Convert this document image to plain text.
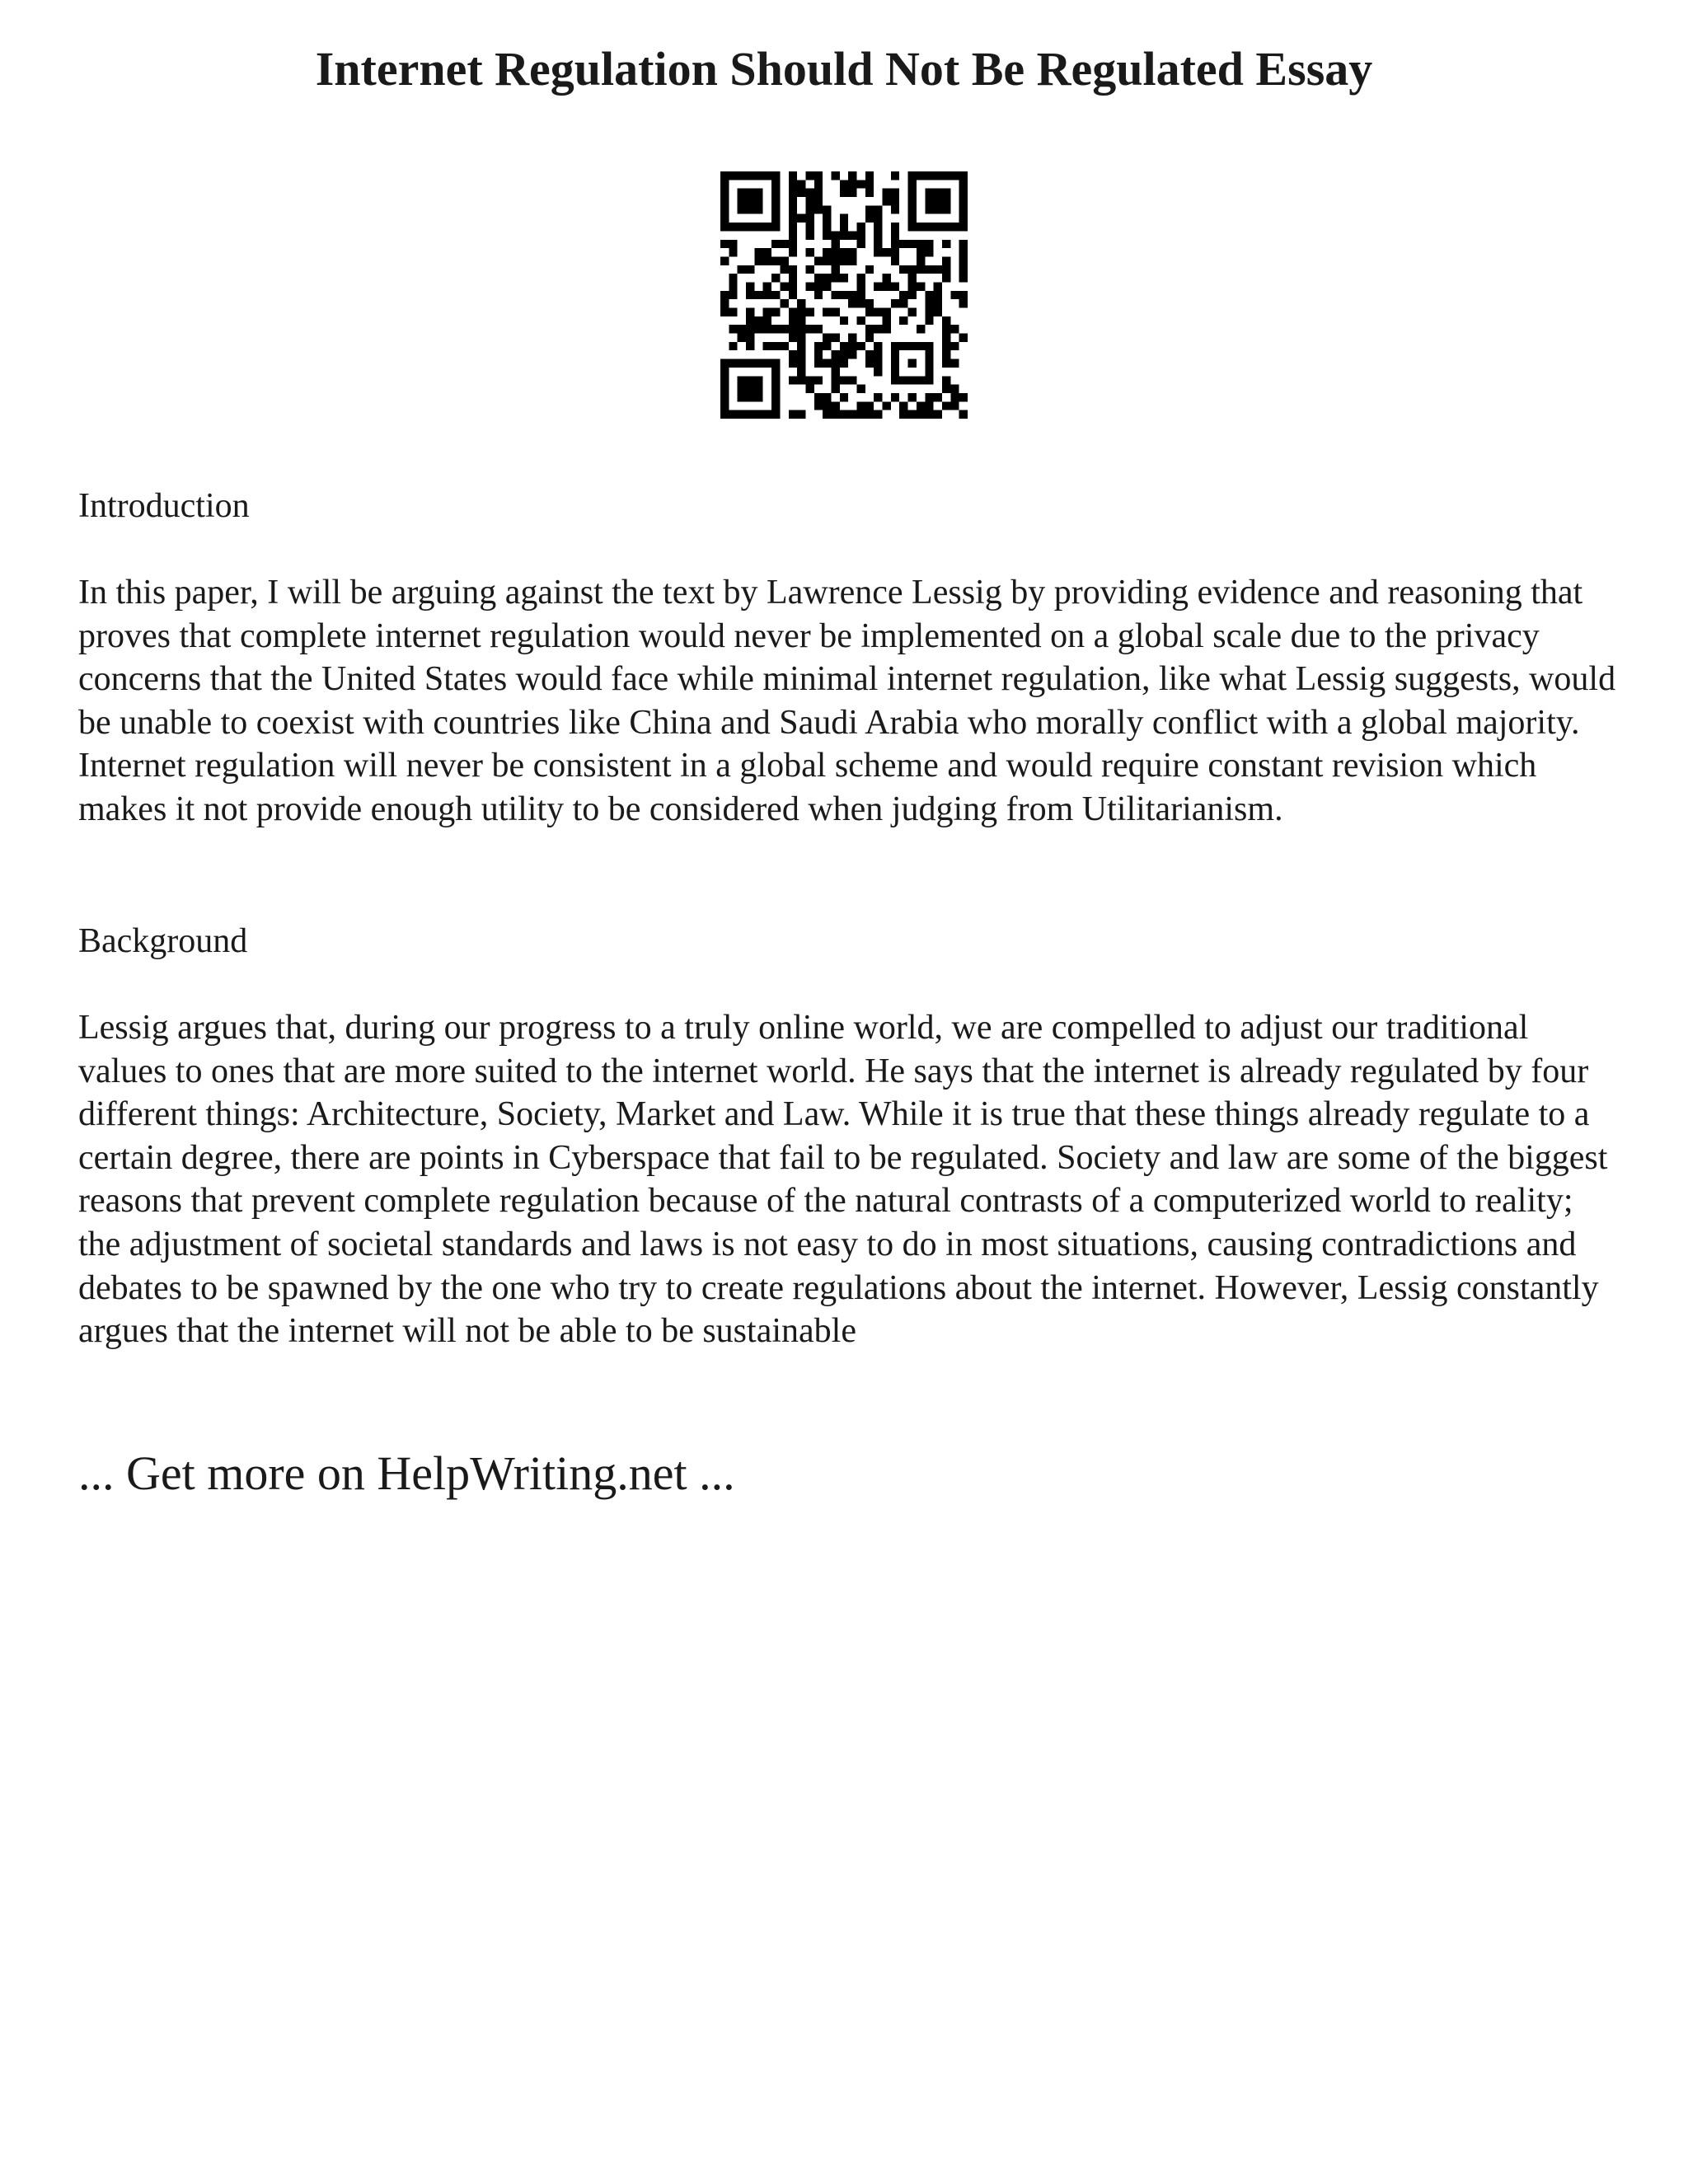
Internet Regulation Should Not Be Regulated Essay
Introduction

In this paper, I will be arguing against the text by Lawrence Lessig by providing evidence and reasoning that proves that complete internet regulation would never be implemented on a global scale due to the privacy concerns that the United States would face while minimal internet regulation, like what Lessig suggests, would be unable to coexist with countries like China and Saudi Arabia who morally conflict with a global majority. Internet regulation will never be consistent in a global scheme and would require constant revision which makes it not provide enough utility to be considered when judging from Utilitarianism.

Background

Lessig argues that, during our progress to a truly online world, we are compelled to adjust our traditional values to ones that are more suited to the internet world. He says that the internet is already regulated by four different things: Architecture, Society, Market and Law. While it is true that these things already regulate to a certain degree, there are points in Cyberspace that fail to be regulated. Society and law are some of the biggest reasons that prevent complete regulation because of the natural contrasts of a computerized world to reality; the adjustment of societal standards and laws is not easy to do in most situations, causing contradictions and debates to be spawned by the one who try to create regulations about the internet. However, Lessig constantly argues that the internet will not be able to be sustainable

... Get more on HelpWriting.net ...
